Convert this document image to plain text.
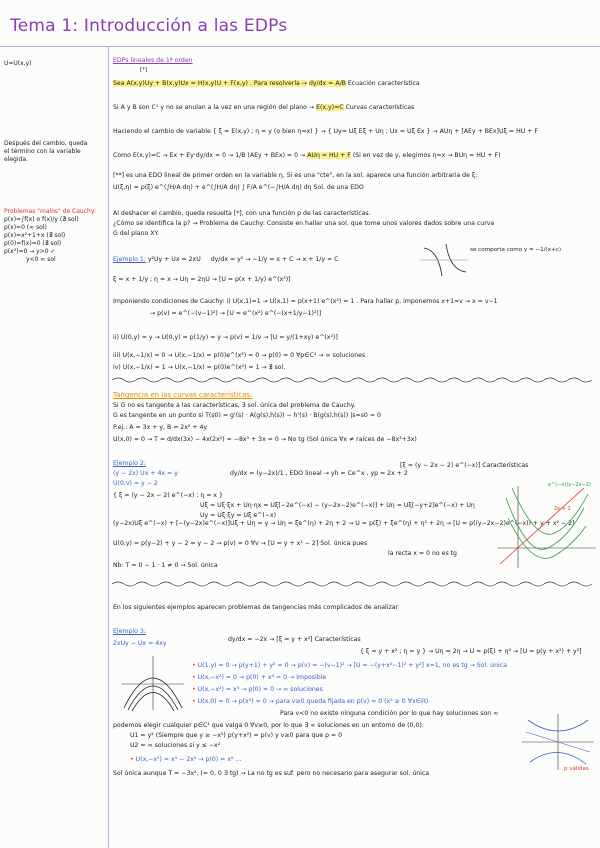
Tema 1: Introducción a las EDPs
U=U(x,y)
Después del cambio, queda
el término con la variable
elegida.
Problemas "malos" de Cauchy:
p(x)=∫f(x) o f(x)/y (∄ sol)
p(x)=0 (∞ sol)
p(x)=x²+1+x (∄ sol)
p(0)=f(x)=0 (∄ sol)
p(x²)=0 → y>0 ✓
y<0 ∞ sol
EDPs lineales de 1ª orden
[*]
Sea A(x,y)Uy + B(x,y)Ux = H(x,y)U + F(x,y) . Para resolverla → dy/dx = A/B Ecuación característica
Si A y B son C¹ y no se anulan a la vez en una región del plano → E(x,y)=C Curvas características
Haciendo el cambio de variable { ξ = E(x,y) ; η = y (o bien η=x) } → { Uy= Uξ Eξ + Uη ; Ux = Uξ Ex } → AUη + [AEy + BEx]Uξ = HU + F
Como E(x,y)=C → Ex + Ey·dy/dx = 0 → 1/B (AEy + BEx) = 0 → AUη = HU + F (Si en vez de y, elegimos η=x → BUη = HU + F)
[**] es una EDO lineal de primer orden en la variable η. Si es una "cte", en la sol. aparece una función arbitraria de ξ:
U(ξ,η) = p(ξ) e^(∫H/A dη) + e^(∫H/A dη) ∫ F/A e^(−∫H/A dη) dη Sol. de una EDO
Al deshacer el cambio, queda resuelta [*], con una función p de las características.
¿Cómo se identifica la p? → Problema de Cauchy: Consiste en hallar una sol. que tome unos valores dados sobre una curva
G del plano XY.
Ejemplo 1: y²Uy + Ux = 2xU dy/dx = y² → −1/y = x + C → x + 1/y = C
se comporta como y = −1/(x+c)
ξ = x + 1/y ; η = x → Uη = 2ηU → [U = p(x + 1/y) e^(x²)]
Imponiendo condiciones de Cauchy: i) U(x,1)=1 → U(x,1) = p(x+1) e^(x²) = 1 . Para hallar p, imponemos x+1=v → x = v−1
→ p(v) = e^(−(v−1)²) → [U = e^(x²) e^(−(x+1/y−1)²)]
ii) U(0,y) = y → U(0,y) = p(1/y) = y → p(v) = 1/v → [U = y/(1+xy) e^(x²)]
iii) U(x,−1/x) = 0 → U(x,−1/x) = p(0)e^(x²) = 0 → p(0) = 0 ∀p∈C¹ → ∞ soluciones
iv) U(x,−1/x) = 1 → U(x,−1/x) = p(0)e^(x²) = 1 → ∄ sol.
Tangencia en las curvas características:
Si G no es tangente a las características, ∃ sol. única del problema de Cauchy.
G es tangente en un punto si T(s0) = g'(s) · A(g(s),h(s)) − h'(s) · B(g(s),h(s)) |s=s0 = 0
P.ej.: A = 3x + y, B = 2x² + 4y
U(x,0) = 0 → T = d/dx(3x) − 4x(2x²) = −8x³ + 3x = 0 → No tg (Sol única ∀x ≠ raíces de −8x³+3x)
Ejemplo 2:
(y − 2x) Ux + 4x = y
U(0,v) = y − 2
dy/dx = (y−2x)/1 , EDO lineal → yh = Ce^x , yp = 2x + 2
[ξ = (y − 2x − 2) e^(−x)] Características
{ ξ = (y − 2x − 2) e^(−x) ; η = x }
Uξ = Uξ·ξx + Uη·ηx = Uξ[−2e^(−x) − (y−2x−2)e^(−x)] + Uη = Uξ[−y+2]e^(−x) + Uη
Uy = Uξ·ξy = Uξ e^(−x)
(y−2x)Uξ e^(−x) + [−(y−2x)e^(−x)]Uξ + Uη = y → Uη = ξe^(η) + 2η + 2 → U = p(ξ) + ξe^(η) + η² + 2η → [U = p((y−2x−2)e^(−x)) + y + x² − 2]
U(0,y) = p(y−2) + y − 2 = y − 2 → p(v) = 0 ∀v → [U = y + x² − 2] Sol. única pues
la recta x = 0 no es tg
Nb: T = 0 − 1 · 1 ≠ 0 → Sol. única
e^(−x)(y−2x−2)
2x + 2
En los siguientes ejemplos aparecen problemas de tangencias más complicados de analizar
Ejemplo 3:
2xUy − Ux = 4xy
dy/dx = −2x → [ξ = y + x²] Características
{ ξ = y + x² ; η = y } → Uη = 2η → U = p(ξ) + η² → [U = p(y + x²) + y²]
• U(1,y) = 0 → p(y+1) + y² = 0 → p(v) = −(v−1)² → [U = −(y+x²−1)² + y²] x=1, no es tg → Sol. única
• U(x,−x²) = 0 → p(0) + x⁴ = 0 → Imposible
• U(x,−x²) = x⁴ → p(0) = 0 → ∞ soluciones
• U(x,0) = 0 → p(x²) = 0 → para v≥0 queda fijada en p(v) = 0 (x² ≥ 0 ∀x∈ℝ)
Para v<0 no existe ninguna condición por lo que hay soluciones son ∞
podemos elegir cualquier p∈C¹ que valga 0 ∀v≥0, por lo que ∃ ∞ soluciones en un entorno de (0,0):
U1 = y² (Siempre que y ≥ −x²) p(y+x²) = p(v) y v≥0 para que p = 0
U2 = ∞ soluciones si y ≤ −x²
• U(x,−x²) = x⁴ − 2x⁶ → p(0) = x⁶ ...
Sol única aunque T = −3x², (= 0, 0 ∃ tg) → La no tg es suf. pero no necesario para asegurar sol. única
p válidas
